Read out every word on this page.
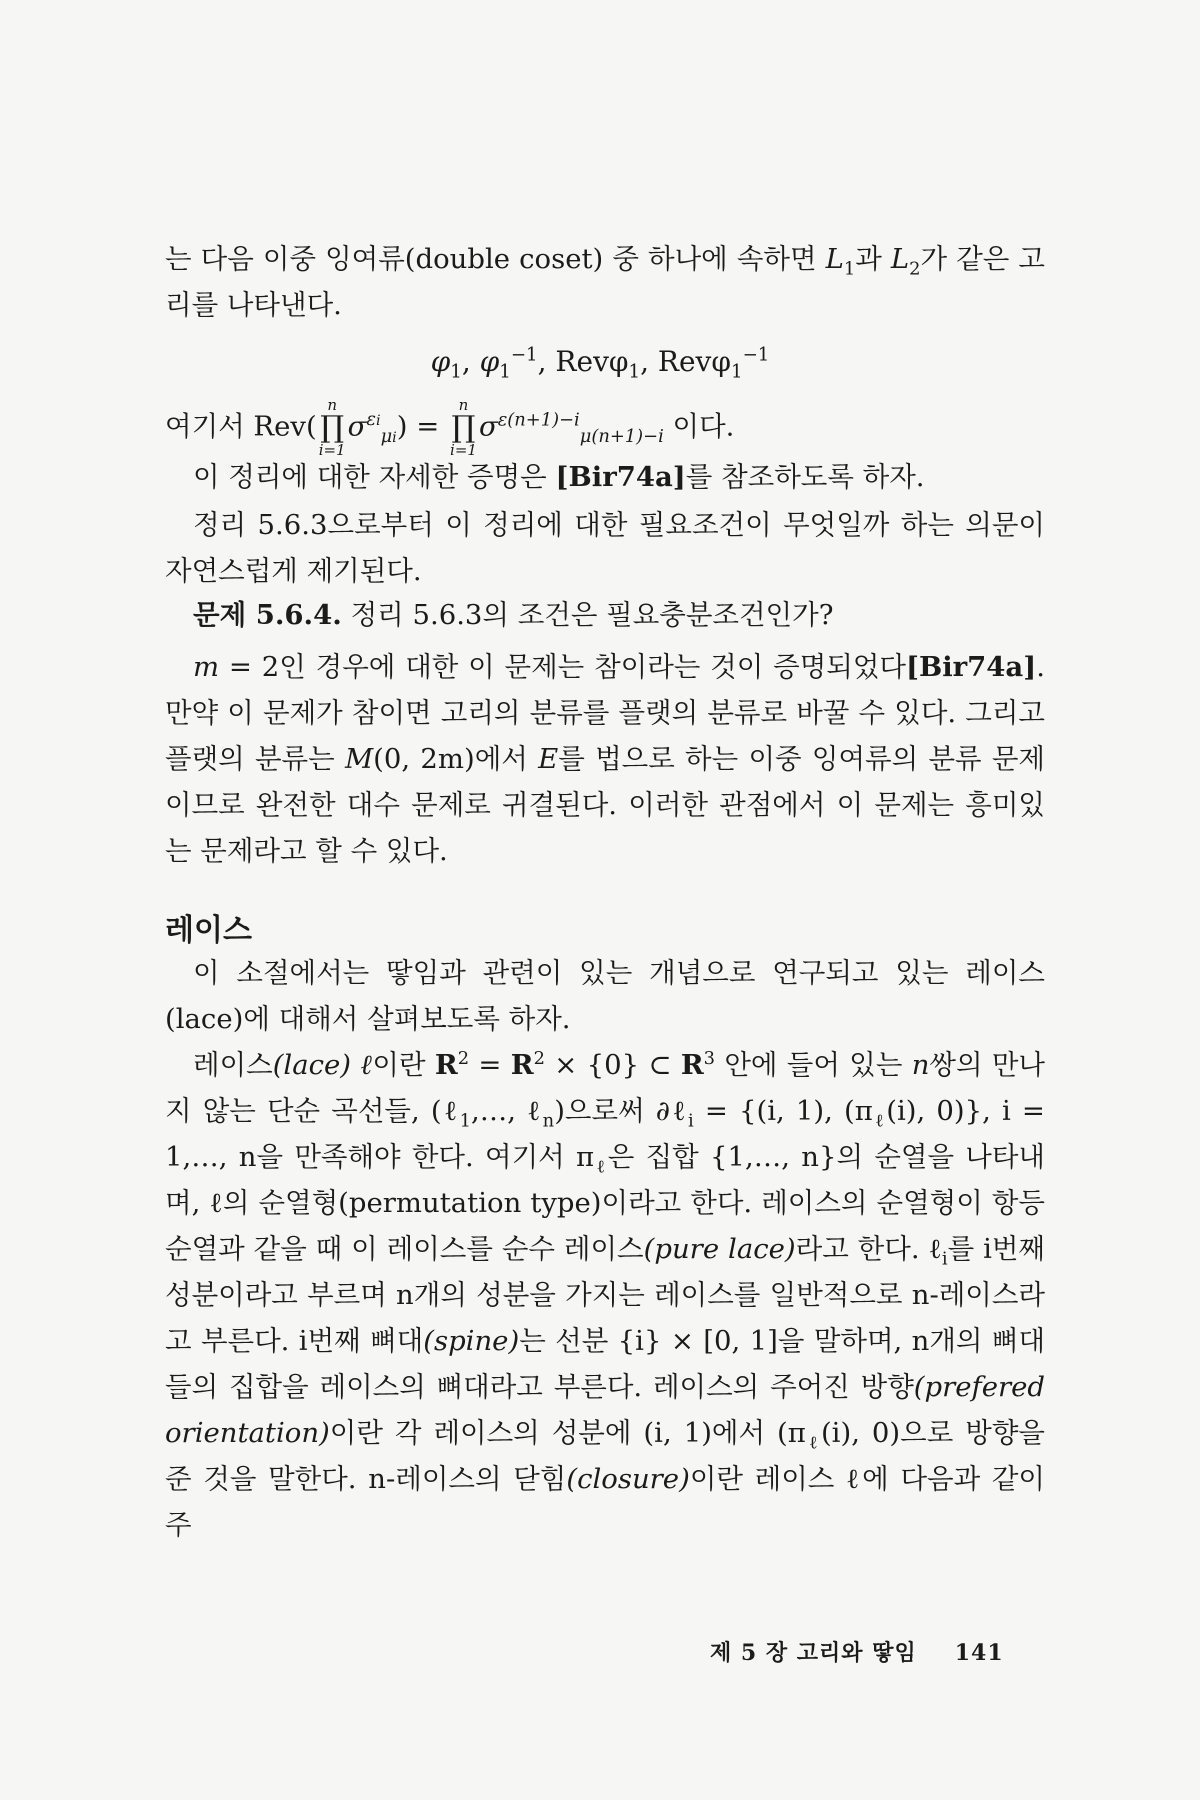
는 다음 이중 잉여류(double coset) 중 하나에 속하면 $L_1$과 $L_2$가 같은 고리를 나타낸다.

$\varphi_1$, $\varphi_1^{-1}$, Revφ$_1$, Revφ$_1^{-1}$
여기서 Rev(
n
∏
i=1
$\sigma^{\varepsilon i}_{\mu i}$) =
n
∏
i=1
$\sigma^{\varepsilon(n+1)-i}_{\mu(n+1)-i}$ 이다.

이 정리에 대한 자세한 증명은 [Bir74a]를 참조하도록 하자.

정리 5.6.3으로부터 이 정리에 대한 필요조건이 무엇일까 하는 의문이 자연스럽게 제기된다.

문제 5.6.4. 정리 5.6.3의 조건은 필요충분조건인가?

m = 2인 경우에 대한 이 문제는 참이라는 것이 증명되었다[Bir74a]. 만약 이 문제가 참이면 고리의 분류를 플랫의 분류로 바꿀 수 있다. 그리고 플랫의 분류는 M(0, 2m)에서 E를 법으로 하는 이중 잉여류의 분류 문제이므로 완전한 대수 문제로 귀결된다. 이러한 관점에서 이 문제는 흥미있는 문제라고 할 수 있다.

레이스

이 소절에서는 땋임과 관련이 있는 개념으로 연구되고 있는 레이스(lace)에 대해서 살펴보도록 하자.

레이스(lace) ℓ이란 $R^2 = R^2 \times \{0\}$ ⊂ $R^3$ 안에 들어 있는 n쌍의 만나지 않는 단순 곡선들, (ℓ$_1$,…, ℓ$_n$)으로써 ∂ℓ$_i$ = {(i, 1), ($\pi_\ell(i)$, 0)}, i = 1,…, n을 만족해야 한다. 여기서 $\pi_\ell$은 집합 {1,…, n}의 순열을 나타내며, ℓ의 순열형(permutation type)이라고 한다. 레이스의 순열형이 항등순열과 같을 때 이 레이스를 순수 레이스(pure lace)라고 한다. ℓ$_i$를 i번째 성분이라고 부르며 n개의 성분을 가지는 레이스를 일반적으로 n-레이스라고 부른다. i번째 뼈대(spine)는 선분 {i} × [0, 1]을 말하며, n개의 뼈대들의 집합을 레이스의 뼈대라고 부른다. 레이스의 주어진 방향(prefered orientation)이란 각 레이스의 성분에 (i, 1)에서 ($\pi_\ell(i)$, 0)으로 방향을 준 것을 말한다. n-레이스의 닫힘(closure)이란 레이스 ℓ에 다음과 같이 주

제 5 장 고리와 땋임 141
